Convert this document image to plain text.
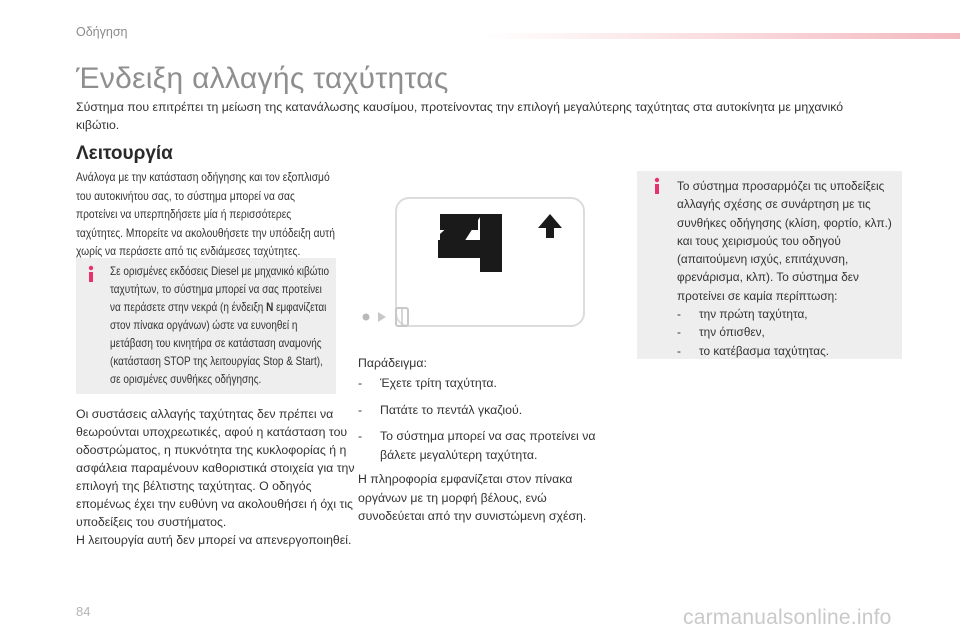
Οδήγηση
Ένδειξη αλλαγής ταχύτητας

Σύστημα που επιτρέπει τη μείωση της κατανάλωσης καυσίμου, προτείνοντας την επιλογή μεγαλύτερης ταχύτητας στα αυτοκίνητα με μηχανικό κιβώτιο.

Λειτουργία

Ανάλογα με την κατάσταση οδήγησης και τον εξοπλισμό του αυτοκινήτου σας, το σύστημα μπορεί να σας προτείνει να υπερπηδήσετε μία ή περισσότερες ταχύτητες. Μπορείτε να ακολουθήσετε την υπόδειξη αυτή χωρίς να περάσετε από τις ενδιάμεσες ταχύτητες.

Σε ορισμένες εκδόσεις Diesel με μηχανικό κιβώτιο ταχυτήτων, το σύστημα μπορεί να σας προτείνει να περάσετε στην νεκρά (η ένδειξη N εμφανίζεται στον πίνακα οργάνων) ώστε να ευνοηθεί η μετάβαση του κινητήρα σε κατάσταση αναμονής (κατάσταση STOP της λειτουργίας Stop & Start), σε ορισμένες συνθήκες οδήγησης.

Οι συστάσεις αλλαγής ταχύτητας δεν πρέπει να θεωρούνται υποχρεωτικές, αφού η κατάσταση του οδοστρώματος, η πυκνότητα της κυκλοφορίας ή η ασφάλεια παραμένουν καθοριστικά στοιχεία για την επιλογή της βέλτιστης ταχύτητας. Ο οδηγός επομένως έχει την ευθύνη να ακολουθήσει ή όχι τις υποδείξεις του συστήματος.
Η λειτουργία αυτή δεν μπορεί να απενεργοποιηθεί.

Παράδειγμα:

- Έχετε τρίτη ταχύτητα.
- Πατάτε το πεντάλ γκαζιού.
- Το σύστημα μπορεί να σας προτείνει να βάλετε μεγαλύτερη ταχύτητα.

Η πληροφορία εμφανίζεται στον πίνακα οργάνων με τη μορφή βέλους, ενώ συνοδεύεται από την συνιστώμενη σχέση.

Το σύστημα προσαρμόζει τις υποδείξεις αλλαγής σχέσης σε συνάρτηση με τις συνθήκες οδήγησης (κλίση, φορτίο, κλπ.) και τους χειρισμούς του οδηγού (απαιτούμενη ισχύς, επιτάχυνση, φρενάρισμα, κλπ). Το σύστημα δεν προτείνει σε καμία περίπτωση:

- την πρώτη ταχύτητα,
- την όπισθεν,
- το κατέβασμα ταχύτητας.
84	carmanualsonline.info
